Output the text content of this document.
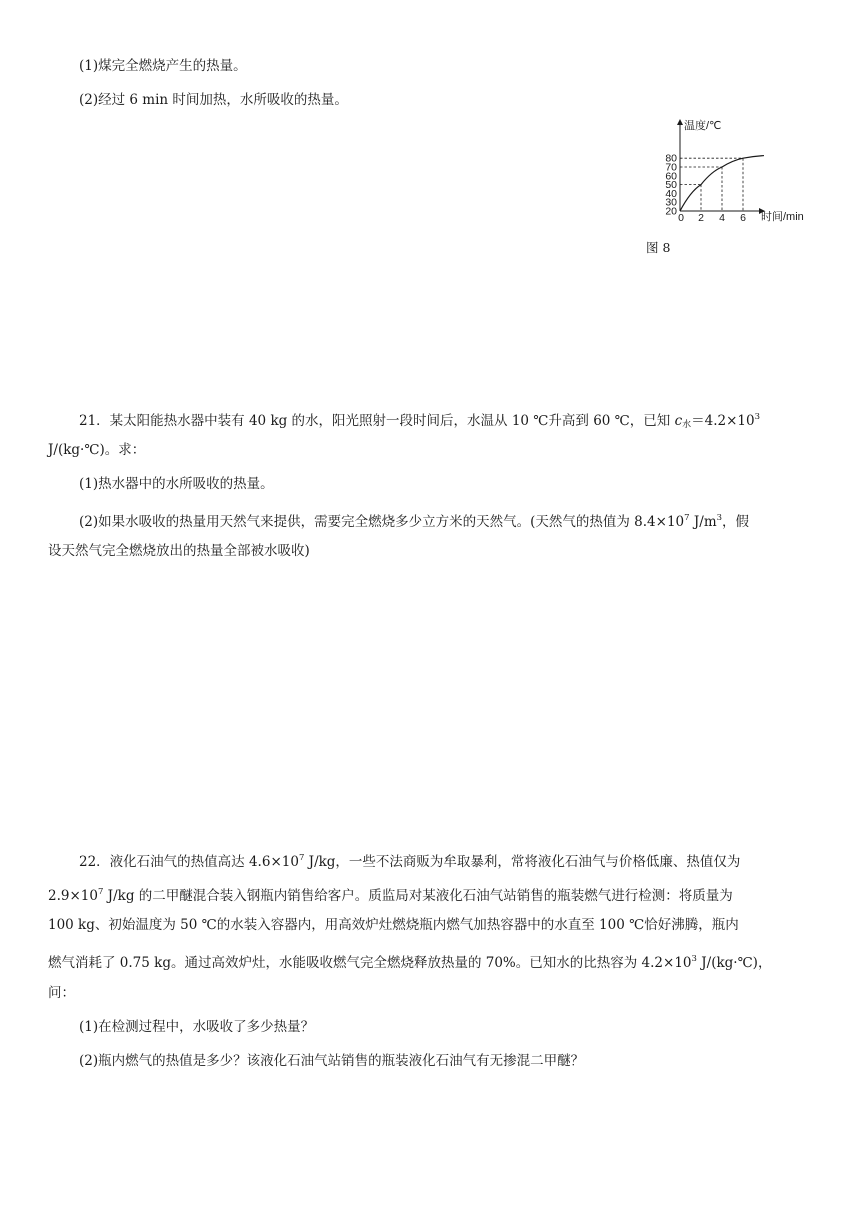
(1)煤完全燃烧产生的热量。
(2)经过 6 min 时间加热，水所吸收的热量。
80
70
60
50
40
30
20
0 2 4 6
温度/℃
时间/min
图 8
21．某太阳能热水器中装有 40 kg 的水，阳光照射一段时间后，水温从 10 ℃升高到 60 ℃，已知 $c_水=4.2\times 10^3$
J/(kg·℃)。求：
(1)热水器中的水所吸收的热量。
(2)如果水吸收的热量用天然气来提供，需要完全燃烧多少立方米的天然气。(天然气的热值为 $8.4\times 10^7$ $J/m^3$，假
设天然气完全燃烧放出的热量全部被水吸收)
22．液化石油气的热值高达 $4.6\times 10^7$ J/kg，一些不法商贩为牟取暴利，常将液化石油气与价格低廉、热值仅为
$2.9\times 10^7$ J/kg 的二甲醚混合装入钢瓶内销售给客户。质监局对某液化石油气站销售的瓶装燃气进行检测：将质量为
100 kg、初始温度为 50 ℃的水装入容器内，用高效炉灶燃烧瓶内燃气加热容器中的水直至 100 ℃恰好沸腾，瓶内
燃气消耗了 0.75 kg。通过高效炉灶，水能吸收燃气完全燃烧释放热量的 70%。已知水的比热容为 $4.2\times 10^3$ J/(kg·℃)，
问：
(1)在检测过程中，水吸收了多少热量？
(2)瓶内燃气的热值是多少？该液化石油气站销售的瓶装液化石油气有无掺混二甲醚？
